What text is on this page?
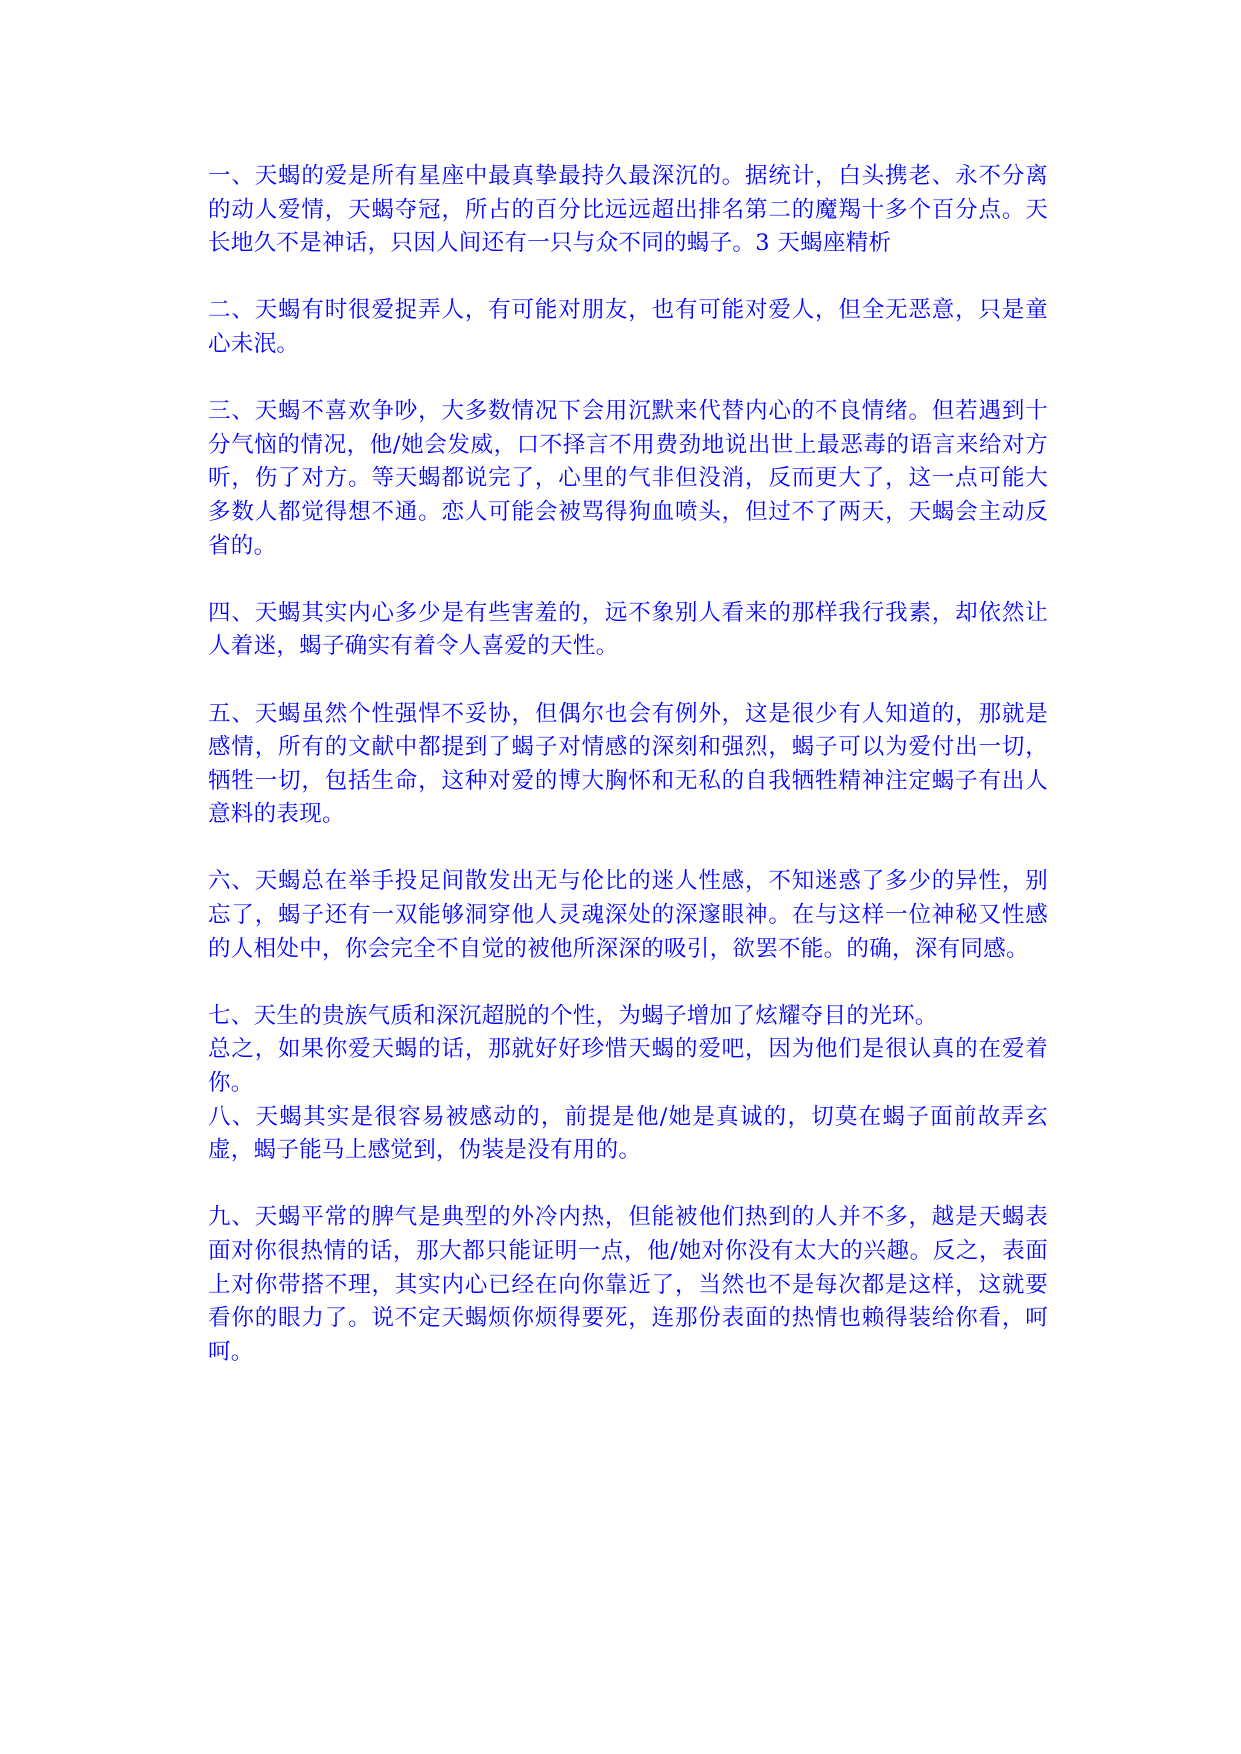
一、天蝎的爱是所有星座中最真挚最持久最深沉的。据统计，白头携老、永不分离的动人爱情，天蝎夺冠，所占的百分比远远超出排名第二的魔羯十多个百分点。天长地久不是神话，只因人间还有一只与众不同的蝎子。3 天蝎座精析

二、天蝎有时很爱捉弄人，有可能对朋友，也有可能对爱人，但全无恶意，只是童心未泯。

三、天蝎不喜欢争吵，大多数情况下会用沉默来代替内心的不良情绪。但若遇到十分气恼的情况，他/她会发威，口不择言不用费劲地说出世上最恶毒的语言来给对方听，伤了对方。等天蝎都说完了，心里的气非但没消，反而更大了，这一点可能大多数人都觉得想不通。恋人可能会被骂得狗血喷头，但过不了两天，天蝎会主动反省的。

四、天蝎其实内心多少是有些害羞的，远不象别人看来的那样我行我素，却依然让人着迷，蝎子确实有着令人喜爱的天性。

五、天蝎虽然个性强悍不妥协，但偶尔也会有例外，这是很少有人知道的，那就是感情，所有的文献中都提到了蝎子对情感的深刻和强烈，蝎子可以为爱付出一切，牺牲一切，包括生命，这种对爱的博大胸怀和无私的自我牺牲精神注定蝎子有出人意料的表现。

六、天蝎总在举手投足间散发出无与伦比的迷人性感，不知迷惑了多少的异性，别忘了，蝎子还有一双能够洞穿他人灵魂深处的深邃眼神。在与这样一位神秘又性感的人相处中，你会完全不自觉的被他所深深的吸引，欲罢不能。的确，深有同感。

七、天生的贵族气质和深沉超脱的个性，为蝎子增加了炫耀夺目的光环。

总之，如果你爱天蝎的话，那就好好珍惜天蝎的爱吧，因为他们是很认真的在爱着你。

八、天蝎其实是很容易被感动的，前提是他/她是真诚的，切莫在蝎子面前故弄玄虚，蝎子能马上感觉到，伪装是没有用的。

九、天蝎平常的脾气是典型的外冷内热，但能被他们热到的人并不多，越是天蝎表面对你很热情的话，那大都只能证明一点，他/她对你没有太大的兴趣。反之，表面上对你带搭不理，其实内心已经在向你靠近了，当然也不是每次都是这样，这就要看你的眼力了。说不定天蝎烦你烦得要死，连那份表面的热情也赖得装给你看，呵呵。
